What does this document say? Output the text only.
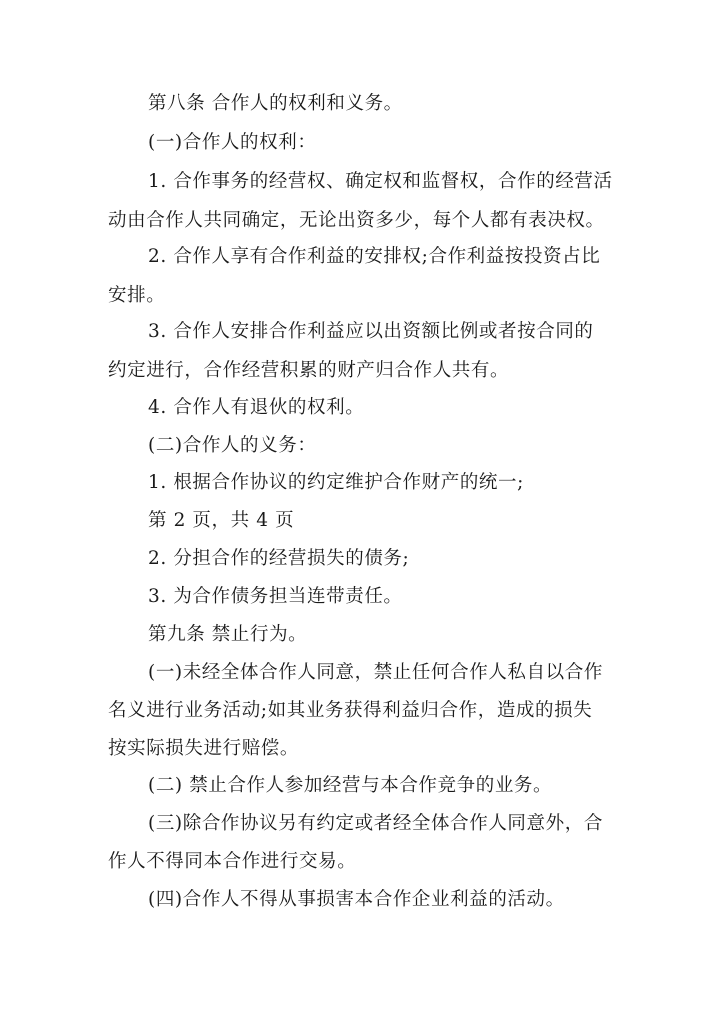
第八条 合作人的权利和义务。
(一)合作人的权利：
1. 合作事务的经营权、确定权和监督权，合作的经营活
动由合作人共同确定，无论出资多少，每个人都有表决权。
2. 合作人享有合作利益的安排权;合作利益按投资占比
安排。
3. 合作人安排合作利益应以出资额比例或者按合同的
约定进行，合作经营积累的财产归合作人共有。
4. 合作人有退伙的权利。
(二)合作人的义务：
1. 根据合作协议的约定维护合作财产的统一;
第 2 页，共 4 页
2. 分担合作的经营损失的债务;
3. 为合作债务担当连带责任。
第九条 禁止行为。
(一)未经全体合作人同意，禁止任何合作人私自以合作
名义进行业务活动;如其业务获得利益归合作，造成的损失
按实际损失进行赔偿。
(二) 禁止合作人参加经营与本合作竞争的业务。
(三)除合作协议另有约定或者经全体合作人同意外，合
作人不得同本合作进行交易。
(四)合作人不得从事损害本合作企业利益的活动。
